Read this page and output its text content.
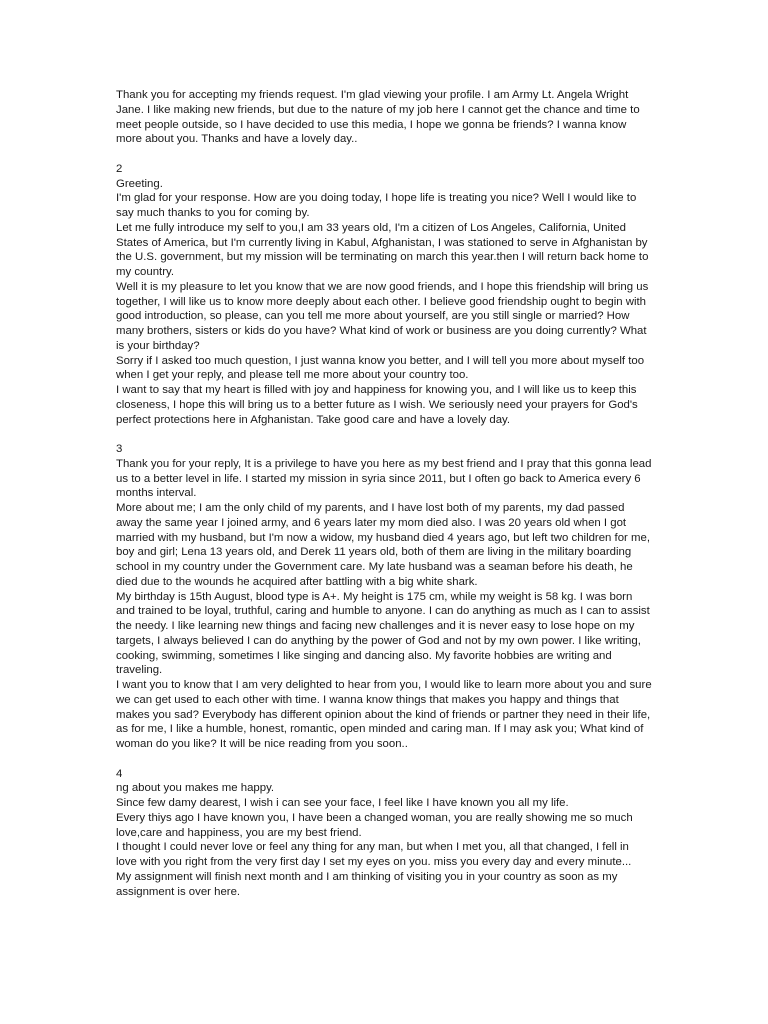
Thank you for accepting my friends request. I'm glad viewing your profile. I am Army Lt. Angela Wright Jane. I like making new friends, but due to the nature of my job here I cannot get the chance and time to meet people outside, so I have decided to use this media, I hope we gonna be friends? I wanna know more about you. Thanks and have a lovely day..

2

Greeting.

I'm glad for your response. How are you doing today, I hope life is treating you nice? Well I would like to say much thanks to you for coming by.

Let me fully introduce my self to you,I am 33 years old, I'm a citizen of Los Angeles, California, United States of America, but I'm currently living in Kabul, Afghanistan, I was stationed to serve in Afghanistan by the U.S. government, but my mission will be terminating on march this year.then I will return back home to my country.

Well it is my pleasure to let you know that we are now good friends, and I hope this friendship will bring us together, I will like us to know more deeply about each other. I believe good friendship ought to begin with good introduction, so please, can you tell me more about yourself, are you still single or married? How many brothers, sisters or kids do you have? What kind of work or business are you doing currently? What is your birthday?

Sorry if I asked too much question, I just wanna know you better, and I will tell you more about myself too when I get your reply, and please tell me more about your country too.

I want to say that my heart is filled with joy and happiness for knowing you, and I will like us to keep this closeness, I hope this will bring us to a better future as I wish. We seriously need your prayers for God's perfect protections here in Afghanistan. Take good care and have a lovely day.

3

Thank you for your reply, It is a privilege to have you here as my best friend and I pray that this gonna lead us to a better level in life. I started my mission in syria since 2011, but I often go back to America every 6 months interval.

More about me; I am the only child of my parents, and I have lost both of my parents, my dad passed away the same year I joined army, and 6 years later my mom died also. I was 20 years old when I got married with my husband, but I'm now a widow, my husband died 4 years ago, but left two children for me, boy and girl; Lena 13 years old, and Derek 11 years old, both of them are living in the military boarding school in my country under the Government care. My late husband was a seaman before his death, he died due to the wounds he acquired after battling with a big white shark.

My birthday is 15th August, blood type is A+. My height is 175 cm, while my weight is 58 kg. I was born and trained to be loyal, truthful, caring and humble to anyone. I can do anything as much as I can to assist the needy. I like learning new things and facing new challenges and it is never easy to lose hope on my targets, I always believed I can do anything by the power of God and not by my own power. I like writing, cooking, swimming, sometimes I like singing and dancing also. My favorite hobbies are writing and traveling.

I want you to know that I am very delighted to hear from you, I would like to learn more about you and sure we can get used to each other with time. I wanna know things that makes you happy and things that makes you sad? Everybody has different opinion about the kind of friends or partner they need in their life, as for me, I like a humble, honest, romantic, open minded and caring man. If I may ask you; What kind of woman do you like? It will be nice reading from you soon..

4

ng about you makes me happy.

Since few damy dearest, I wish i can see your face, I feel like I have known you all my life.

Every thiys ago I have known you, I have been a changed woman, you are really showing me so much love,care and happiness, you are my best friend.

I thought I could never love or feel any thing for any man, but when I met you, all that changed, I fell in love with you right from the very first day I set my eyes on you. miss you every day and every minute...

My assignment will finish next month and I am thinking of visiting you in your country as soon as my assignment is over here.
